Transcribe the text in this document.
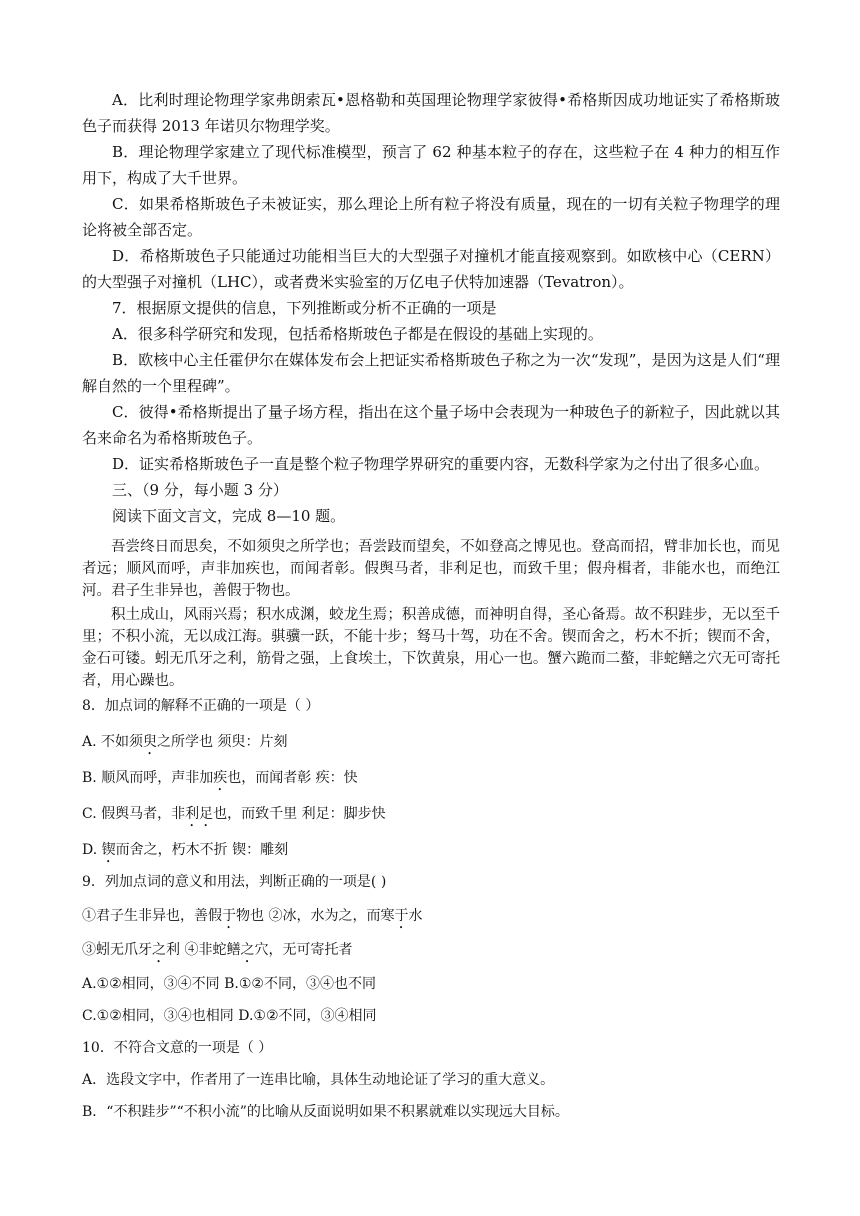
A．比利时理论物理学家弗朗索瓦•恩格勒和英国理论物理学家彼得•希格斯因成功地证实了希格斯玻色子而获得 2013 年诺贝尔物理学奖。

B．理论物理学家建立了现代标准模型，预言了 62 种基本粒子的存在，这些粒子在 4 种力的相互作用下，构成了大千世界。

C．如果希格斯玻色子未被证实，那么理论上所有粒子将没有质量，现在的一切有关粒子物理学的理论将被全部否定。

D．希格斯玻色子只能通过功能相当巨大的大型强子对撞机才能直接观察到。如欧核中心（CERN）的大型强子对撞机（LHC），或者费米实验室的万亿电子伏特加速器（Tevatron）。

7．根据原文提供的信息，下列推断或分析不正确的一项是

A．很多科学研究和发现，包括希格斯玻色子都是在假设的基础上实现的。

B．欧核中心主任霍伊尔在媒体发布会上把证实希格斯玻色子称之为一次“发现”，是因为这是人们“理解自然的一个里程碑”。

C．彼得•希格斯提出了量子场方程，指出在这个量子场中会表现为一种玻色子的新粒子，因此就以其名来命名为希格斯玻色子。

D．证实希格斯玻色子一直是整个粒子物理学界研究的重要内容，无数科学家为之付出了很多心血。

三、（9 分，每小题 3 分）

阅读下面文言文，完成 8—10 题。

吾尝终日而思矣，不如须臾之所学也；吾尝跂而望矣，不如登高之博见也。登高而招，臂非加长也，而见者远；顺风而呼，声非加疾也，而闻者彰。假舆马者，非利足也，而致千里；假舟楫者，非能水也，而绝江河。君子生非异也，善假于物也。

积土成山，风雨兴焉；积水成渊，蛟龙生焉；积善成德，而神明自得，圣心备焉。故不积跬步，无以至千里；不积小流，无以成江海。骐骥一跃，不能十步；驽马十驾，功在不舍。锲而舍之，朽木不折；锲而不舍，金石可镂。蚓无爪牙之利，筋骨之强，上食埃土，下饮黄泉，用心一也。蟹六跪而二螯，非蛇鳝之穴无可寄托者，用心躁也。

8．加点词的解释不正确的一项是（ ）

A. 不如须臾之所学也 须臾：片刻

B. 顺风而呼，声非加疾也，而闻者彰 疾：快

C. 假舆马者，非利足也，而致千里 利足：脚步快

D. 锲而舍之，朽木不折 锲：雕刻

9．列加点词的意义和用法，判断正确的一项是( )

①君子生非异也，善假于物也 ②冰，水为之，而寒于水

③蚓无爪牙之利 ④非蛇鳝之穴，无可寄托者

A.①②相同，③④不同 B.①②不同，③④也不同

C.①②相同，③④也相同 D.①②不同，③④相同

10．不符合文意的一项是（ ）

A．选段文字中，作者用了一连串比喻，具体生动地论证了学习的重大意义。

B．“不积跬步”“不积小流”的比喻从反面说明如果不积累就难以实现远大目标。
